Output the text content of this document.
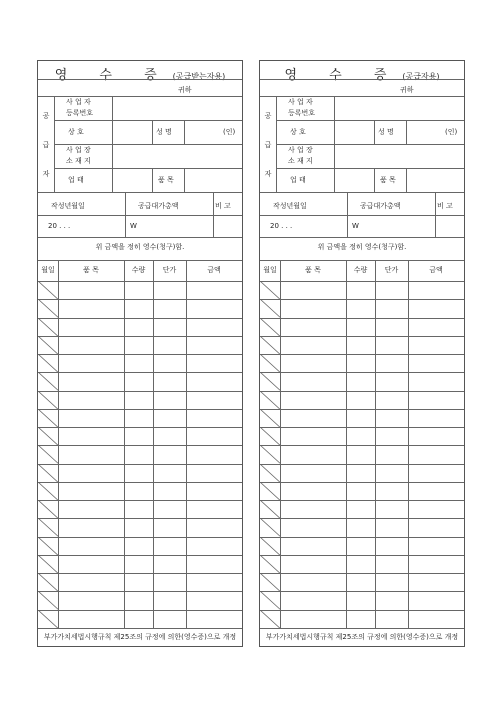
영 수 증 (공급받는자용)
귀하
공
급
자
사 업 자
등록번호
상 호	성 명	(인)
사 업 장
소 재 지
업 태	품 목
작성년월일	공급대가총액	비 고
20 . . .	W
위 금액을 정히 영수(청구)함.
월일	품 목	수량	단가	금액
부가가치세법시행규칙 제25조의 규정에 의한(영수증)으로 개정
영 수 증 (공급자용)
귀하
공
급
자
사 업 자
등록번호
상 호	성 명	(인)
사 업 장
소 재 지
업 태	품 목
작성년월일	공급대가총액	비 고
20 . . .	W
위 금액을 정히 영수(청구)함.
월일	품 목	수량	단가	금액
부가가치세법시행규칙 제25조의 규정에 의한(영수증)으로 개정
